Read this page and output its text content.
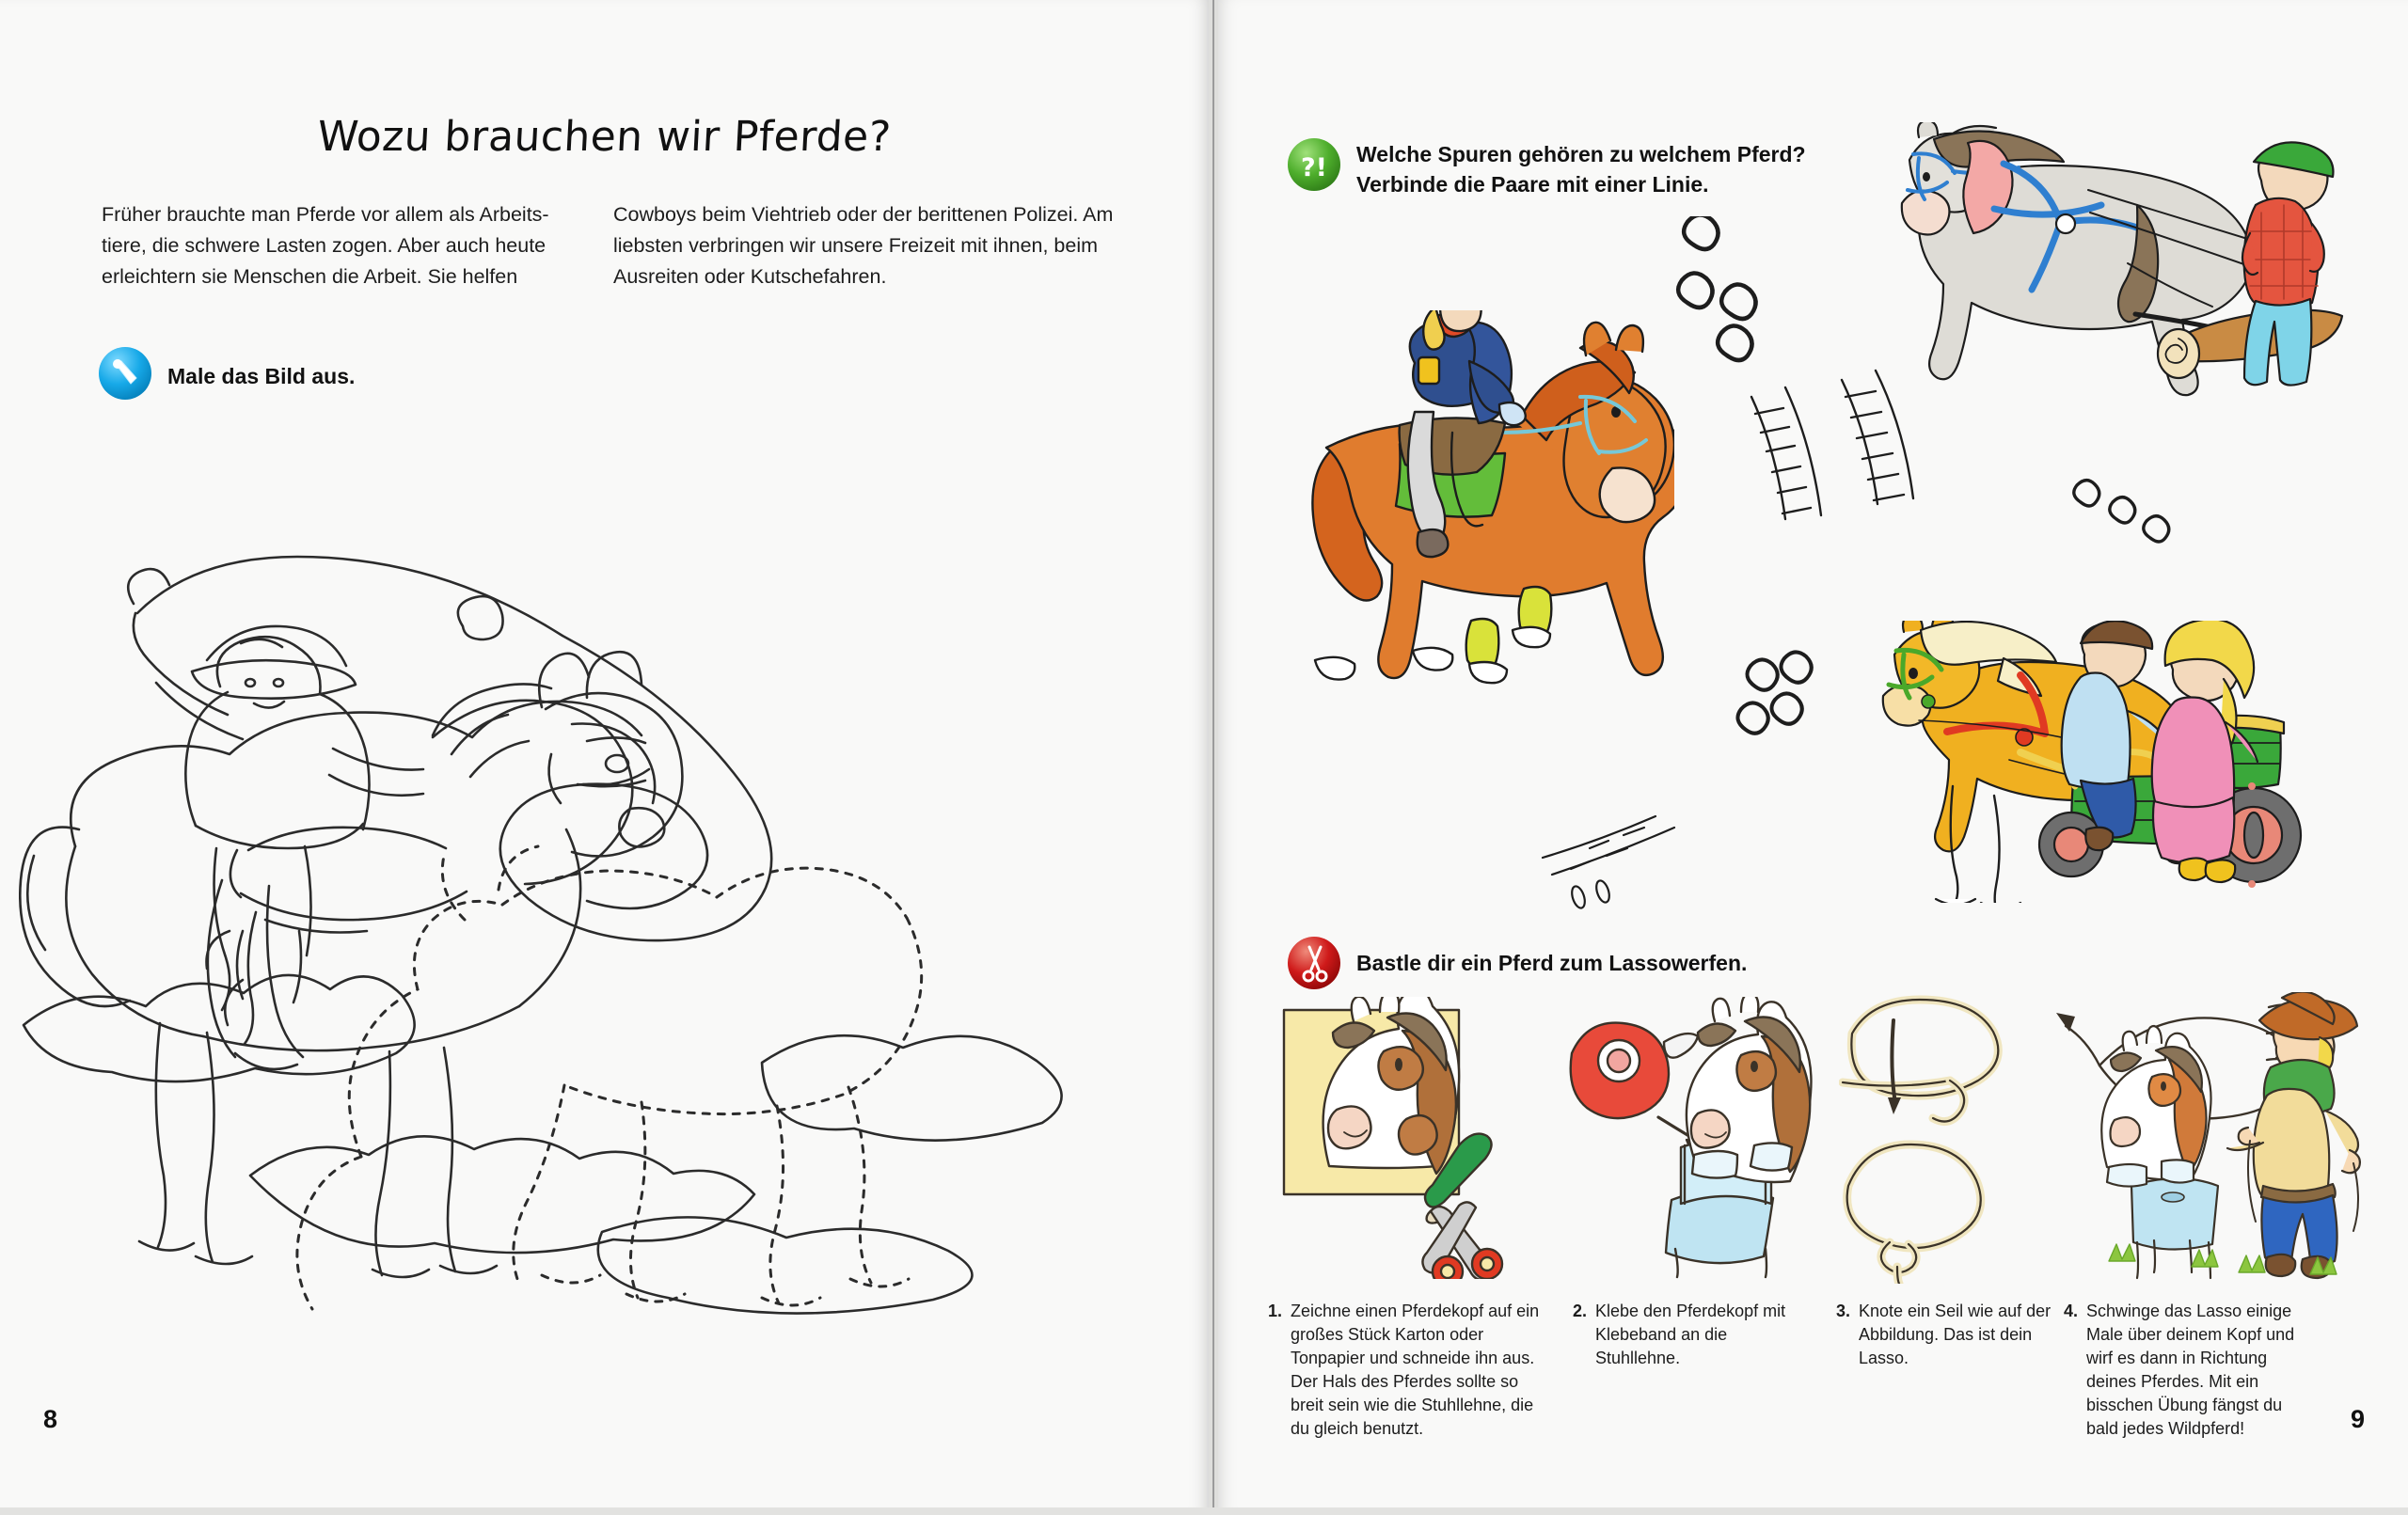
Wozu brauchen wir Pferde?
Früher brauchte man Pferde vor allem als Arbeits-tiere, die schwere Lasten zogen. Aber auch heute erleichtern sie Menschen die Arbeit. Sie helfen
Cowboys beim Viehtrieb oder der berittenen Polizei. Am liebsten verbringen wir unsere Freizeit mit ihnen, beim Ausreiten oder Kutschefahren.
Male das Bild aus.
8
?! Welche Spuren gehören zu welchem Pferd?
Verbinde die Paare mit einer Linie.
Bastle dir ein Pferd zum Lassowerfen.
1. Zeichne einen Pferdekopf auf ein großes Stück Karton oder Tonpapier und schneide ihn aus. Der Hals des Pferdes sollte so breit sein wie die Stuhllehne, die du gleich benutzt.
2. Klebe den Pferdekopf mit Klebeband an die Stuhllehne.
3. Knote ein Seil wie auf der Abbildung. Das ist dein Lasso.
4. Schwinge das Lasso einige Male über deinem Kopf und wirf es dann in Richtung deines Pferdes. Mit ein bisschen Übung fängst du bald jedes Wildpferd!	9
